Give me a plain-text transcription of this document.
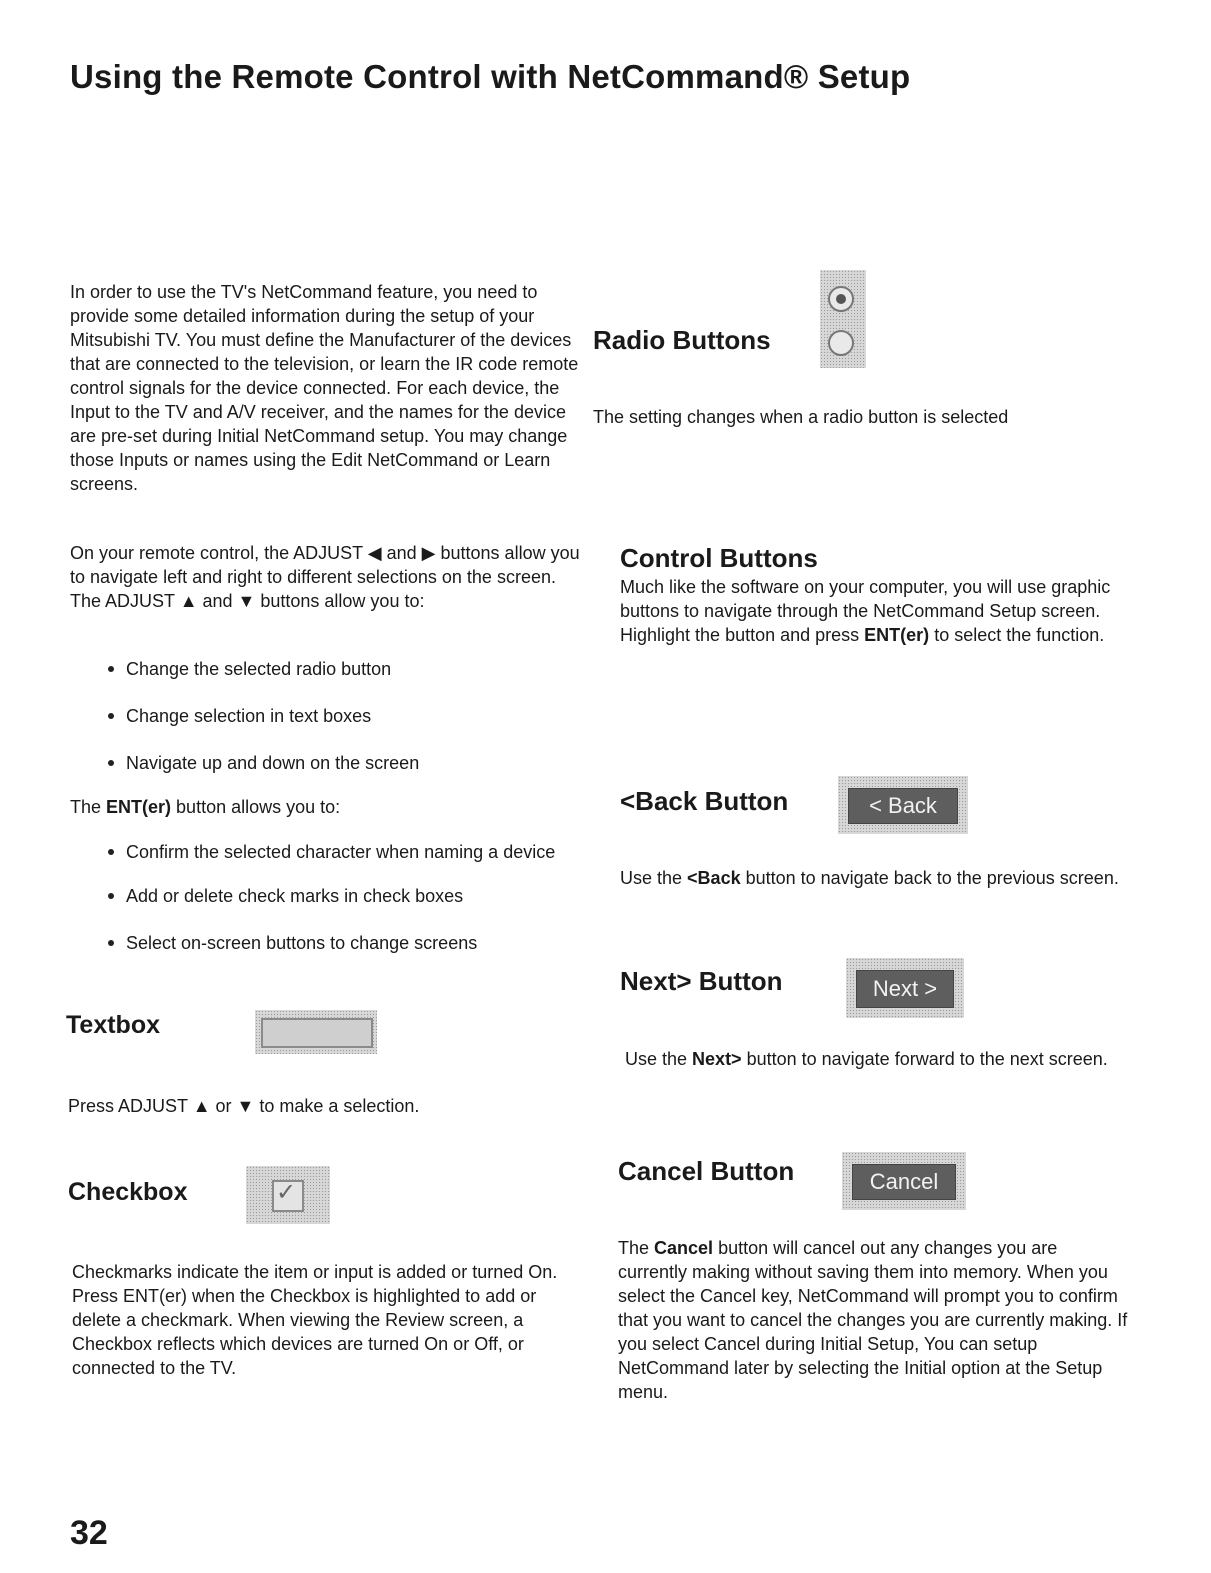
Using the Remote Control with NetCommand® Setup

In order to use the TV's NetCommand feature, you need to provide some detailed information during the setup of your Mitsubishi TV. You must define the Manufacturer of the devices that are connected to the television, or learn the IR code remote control signals for the device connected. For each device, the Input to the TV and A/V receiver, and the names for the device are pre-set during Initial NetCommand setup. You may change those Inputs or names using the Edit NetCommand or Learn screens.

On your remote control, the ADJUST ◀ and ▶ buttons allow you to navigate left and right to different selections on the screen. The ADJUST ▲ and ▼ buttons allow you to:

Change the selected radio button
Change selection in text boxes
Navigate up and down on the screen

The ENT(er) button allows you to:

Confirm the selected character when naming a device
Add or delete check marks in check boxes
Select on-screen buttons to change screens
Textbox

Press ADJUST ▲ or ▼ to make a selection.

Checkbox	✓

Checkmarks indicate the item or input is added or turned On. Press ENT(er) when the Checkbox is highlighted to add or delete a checkmark. When viewing the Review screen, a Checkbox reflects which devices are turned On or Off, or connected to the TV.

Radio Buttons

The setting changes when a radio button is selected

Control Buttons

Much like the software on your computer, you will use graphic buttons to navigate through the NetCommand Setup screen. Highlight the button and press ENT(er) to select the function.

<Back Button	< Back

Use the <Back button to navigate back to the previous screen.

Next> Button	Next >

Use the Next> button to navigate forward to the next screen.

Cancel Button	Cancel

The Cancel button will cancel out any changes you are currently making without saving them into memory. When you select the Cancel key, NetCommand will prompt you to confirm that you want to cancel the changes you are currently making. If you select Cancel during Initial Setup, You can setup NetCommand later by selecting the Initial option at the Setup menu.

32
